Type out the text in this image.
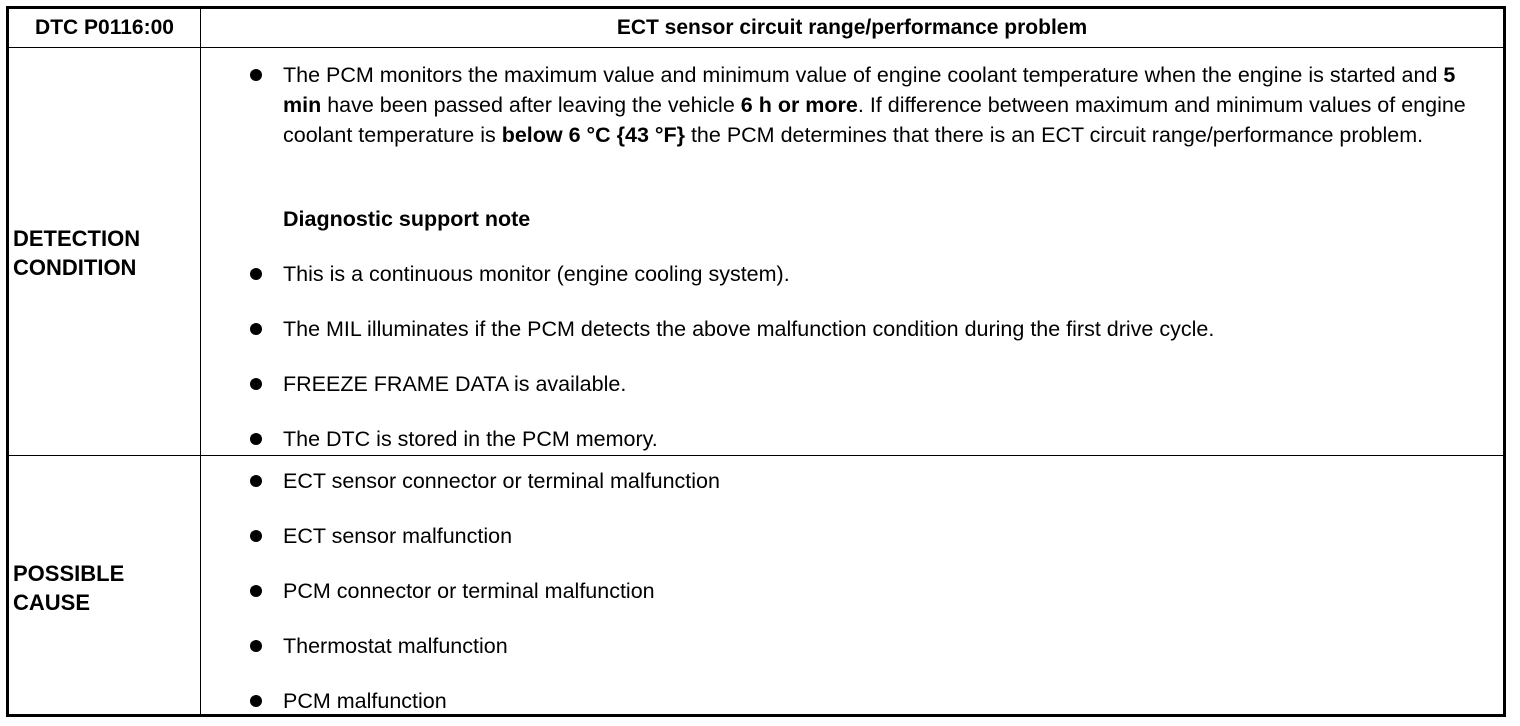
DTC P0116:00	ECT sensor circuit range/performance problem
DETECTION
CONDITION
The PCM monitors the maximum value and minimum value of engine coolant temperature when the engine is started and 5 min have been passed after leaving the vehicle 6 h or more. If difference between maximum and minimum values of engine coolant temperature is below 6 °C {43 °F} the PCM determines that there is an ECT circuit range/performance problem.
Diagnostic support note
This is a continuous monitor (engine cooling system).
The MIL illuminates if the PCM detects the above malfunction condition during the first drive cycle.
FREEZE FRAME DATA is available.
The DTC is stored in the PCM memory.
POSSIBLE
CAUSE
ECT sensor connector or terminal malfunction
ECT sensor malfunction
PCM connector or terminal malfunction
Thermostat malfunction
PCM malfunction
